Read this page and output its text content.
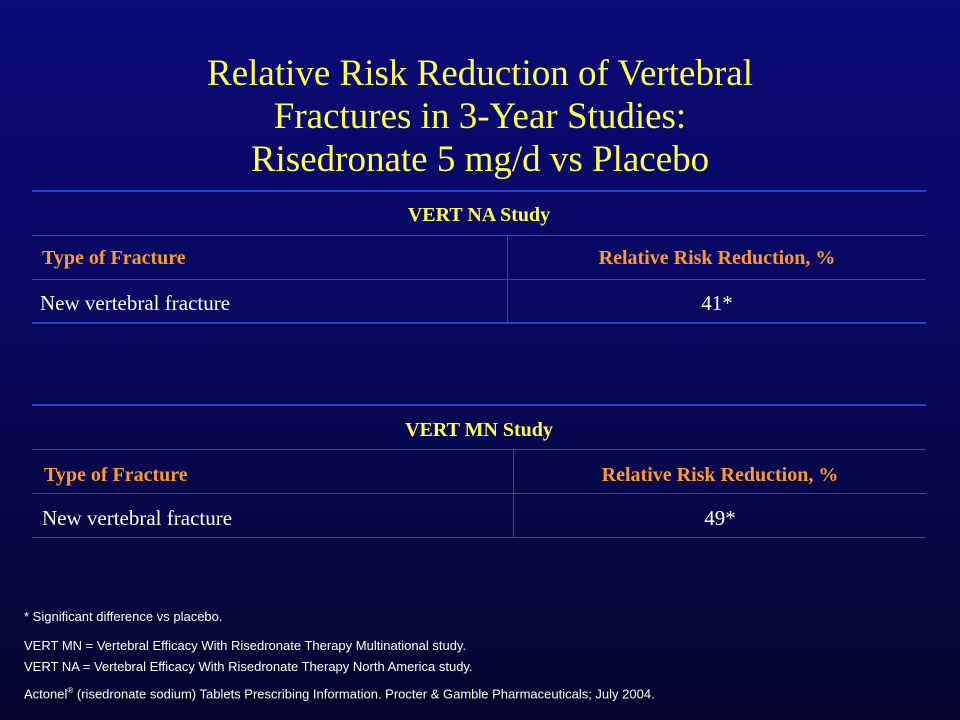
Relative Risk Reduction of Vertebral
Fractures in 3-Year Studies:
Risedronate 5 mg/d vs Placebo
VERT NA Study
Type of Fracture	Relative Risk Reduction, %
New vertebral fracture	41*
VERT MN Study
Type of Fracture	Relative Risk Reduction, %
New vertebral fracture	49*
* Significant difference vs placebo.
VERT MN = Vertebral Efficacy With Risedronate Therapy Multinational study.
VERT NA = Vertebral Efficacy With Risedronate Therapy North America study.
Actonel® (risedronate sodium) Tablets Prescribing Information. Procter & Gamble Pharmaceuticals; July 2004.
